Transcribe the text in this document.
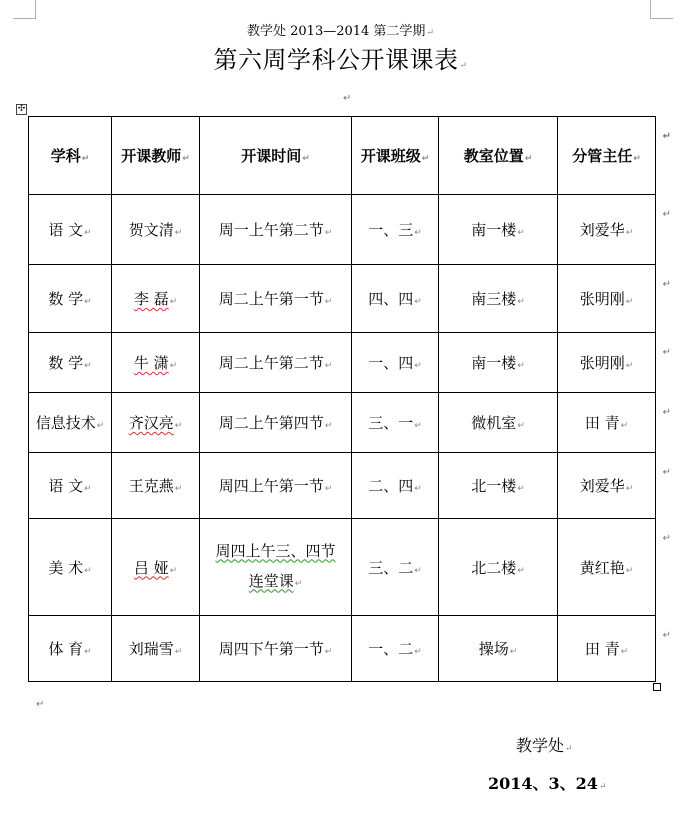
教学处 2013—2014 第二学期↵
第六周学科公开课课表↵
↵
✣
学科↵	开课教师↵	开课时间↵	开课班级↵	教室位置↵	分管主任↵
↵

语 文↵	贺文清↵	周一上午第二节↵	一、三↵	南一楼↵	刘爱华↵
↵

数 学↵	李 磊↵	周二上午第一节↵	四、四↵	南三楼↵	张明刚↵
↵

数 学↵	牛 潇↵	周二上午第二节↵	一、四↵	南一楼↵	张明刚↵
↵

信息技术↵	齐汉亮↵	周二上午第四节↵	三、一↵	微机室↵	田 青↵
↵

语 文↵	王克燕↵	周四上午第一节↵	二、四↵	北一楼↵	刘爱华↵
↵

美 术↵	吕 娅↵	周四上午三、四节
连堂课↵	三、二↵	北二楼↵	黄红艳↵
↵

体 育↵	刘瑞雪↵	周四下午第一节↵	一、二↵	操场↵	田 青↵
↵
↵
教学处↵
2014、3、24↵
